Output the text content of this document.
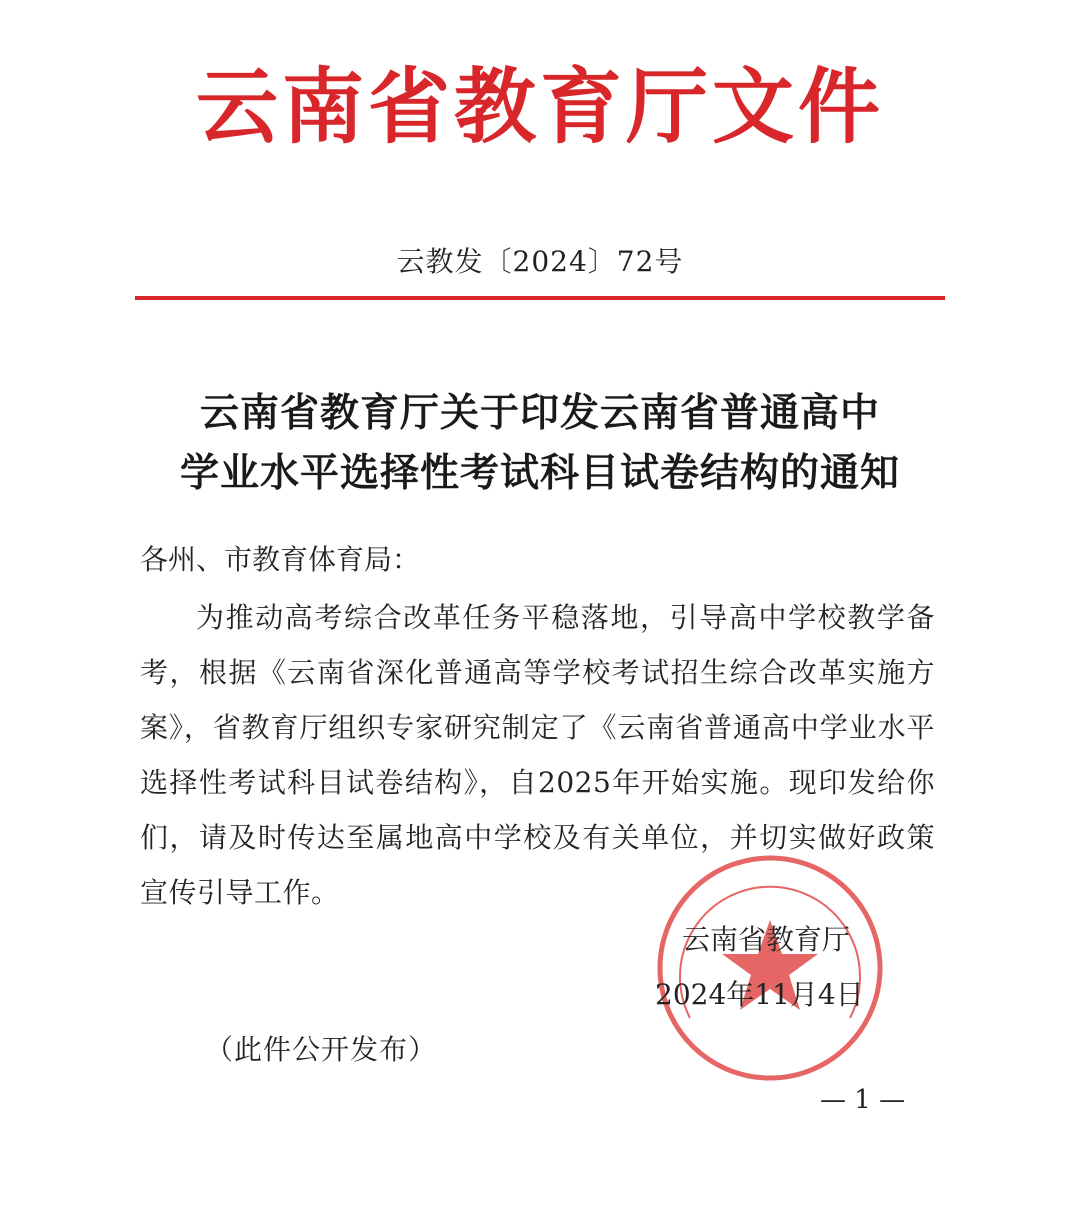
云南省教育厅文件
云教发〔2024〕72号
云南省教育厅关于印发云南省普通高中
学业水平选择性考试科目试卷结构的通知
各州、市教育体育局：
为推动高考综合改革任务平稳落地，引导高中学校教学备考，根据《云南省深化普通高等学校考试招生综合改革实施方案》，省教育厅组织专家研究制定了《云南省普通高中学业水平选择性考试科目试卷结构》，自2025年开始实施。现印发给你们，请及时传达至属地高中学校及有关单位，并切实做好政策宣传引导工作。
云南省教育厅
2024年11月4日
（此件公开发布）
— 1 —
